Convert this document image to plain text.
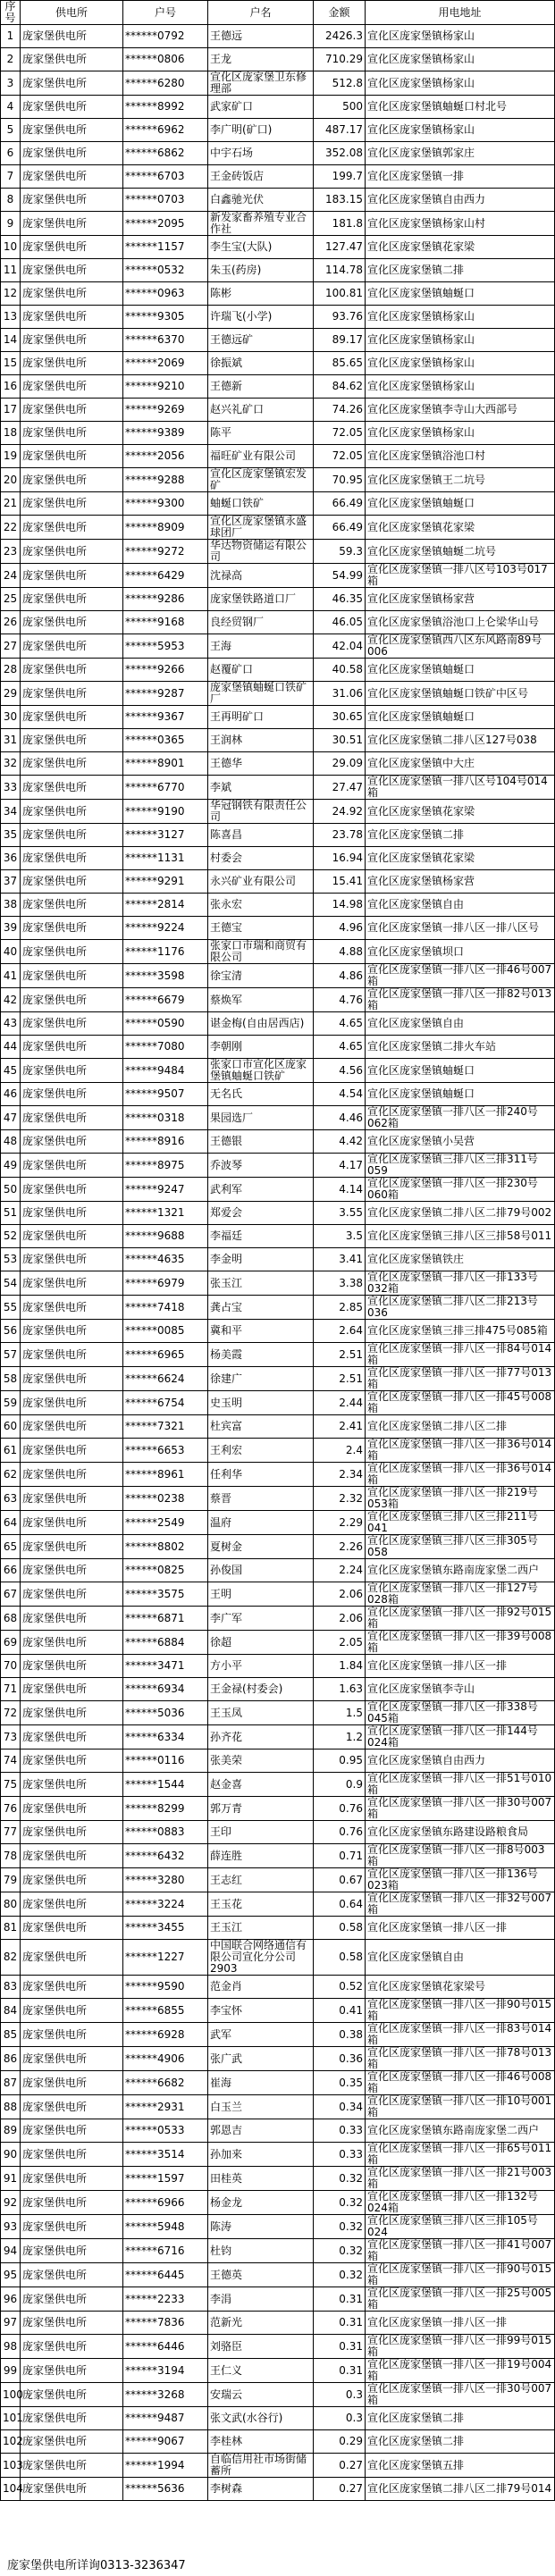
序号	供电所	户号	户名	金额	用电地址
1	庞家堡供电所	******0792	王德远	2426.3	宣化区庞家堡镇杨家山
2	庞家堡供电所	******0806	王龙	710.29	宣化区庞家堡镇杨家山
3	庞家堡供电所	******6280	宣化区庞家堡卫东修理部	512.8	宣化区庞家堡镇杨家山
4	庞家堡供电所	******8992	武家矿口	500	宣化区庞家堡镇蚰蜒口村北号
5	庞家堡供电所	******6962	李广明(矿口)	487.17	宣化区庞家堡镇杨家山
6	庞家堡供电所	******6862	中宇石场	352.08	宣化区庞家堡镇郭家庄
7	庞家堡供电所	******6703	王金砖饭店	199.7	宣化区庞家堡镇一排
8	庞家堡供电所	******0703	白鑫驰光伏	183.15	宣化区庞家堡镇自由西力
9	庞家堡供电所	******2095	新发家畜养殖专业合作社	181.8	宣化区庞家堡镇杨家山村
10	庞家堡供电所	******1157	李生宝(大队)	127.47	宣化区庞家堡镇花家梁
11	庞家堡供电所	******0532	朱玉(药房)	114.78	宣化区庞家堡镇二排
12	庞家堡供电所	******0963	陈彬	100.81	宣化区庞家堡镇蚰蜒口
13	庞家堡供电所	******9305	许瑞飞(小学)	93.76	宣化区庞家堡镇杨家山
14	庞家堡供电所	******6370	王德远矿	89.17	宣化区庞家堡镇杨家山
15	庞家堡供电所	******2069	徐振斌	85.65	宣化区庞家堡镇杨家山
16	庞家堡供电所	******9210	王德新	84.62	宣化区庞家堡镇杨家山
17	庞家堡供电所	******9269	赵兴礼矿口	74.26	宣化区庞家堡镇李寺山大西部号
18	庞家堡供电所	******9389	陈平	72.05	宣化区庞家堡镇杨家山
19	庞家堡供电所	******2056	福旺矿业有限公司	72.05	宣化区庞家堡镇浴池口村
20	庞家堡供电所	******9288	宣化区庞家堡镇宏发矿	70.95	宣化区庞家堡镇王二坑号
21	庞家堡供电所	******9300	蚰蜒口铁矿	66.49	宣化区庞家堡镇蚰蜒口
22	庞家堡供电所	******8909	宣化区庞家堡镇永盛球团厂	66.49	宣化区庞家堡镇花家梁
23	庞家堡供电所	******9272	华达物资储运有限公司	59.3	宣化区庞家堡镇蚰蜒二坑号
24	庞家堡供电所	******6429	沈禄高	54.99	宣化区庞家堡镇一排八区号103号017箱
25	庞家堡供电所	******9286	庞家堡铁路道口厂	46.35	宣化区庞家堡镇杨家营
26	庞家堡供电所	******9168	良经贸钢厂	46.05	宣化区庞家堡镇浴池口上仑梁华山号
27	庞家堡供电所	******5953	王海	42.04	宣化区庞家堡镇西八区东风路南89号006
28	庞家堡供电所	******9266	赵覆矿口	40.58	宣化区庞家堡镇蚰蜒口
29	庞家堡供电所	******9287	庞家堡镇蚰蜒口铁矿厂	31.06	宣化区庞家堡镇蚰蜒口铁矿中区号
30	庞家堡供电所	******9367	王再明矿口	30.65	宣化区庞家堡镇蚰蜒口
31	庞家堡供电所	******0365	王润林	30.51	宣化区庞家堡镇二排八区127号038
32	庞家堡供电所	******8901	王德华	29.09	宣化区庞家堡镇中大庄
33	庞家堡供电所	******6770	李斌	27.47	宣化区庞家堡镇一排八区号104号014箱
34	庞家堡供电所	******9190	华冠钢铁有限责任公司	24.92	宣化区庞家堡镇花家梁
35	庞家堡供电所	******3127	陈喜昌	23.78	宣化区庞家堡镇二排
36	庞家堡供电所	******1131	村委会	16.94	宣化区庞家堡镇花家梁
37	庞家堡供电所	******9291	永兴矿业有限公司	15.41	宣化区庞家堡镇杨家营
38	庞家堡供电所	******2814	张永宏	14.98	宣化区庞家堡镇自由
39	庞家堡供电所	******9224	王德宝	4.96	宣化区庞家堡镇一排八区一排八区号
40	庞家堡供电所	******1176	张家口市瑞和商贸有限公司	4.88	宣化区庞家堡镇坝口
41	庞家堡供电所	******3598	徐宝清	4.86	宣化区庞家堡镇一排八区一排46号007箱
42	庞家堡供电所	******6679	蔡焕军	4.76	宣化区庞家堡镇一排八区一排82号013箱
43	庞家堡供电所	******0590	谌金梅(自由居西店)	4.65	宣化区庞家堡镇自由
44	庞家堡供电所	******7080	李朝刚	4.65	宣化区庞家堡镇二排火车站
45	庞家堡供电所	******9484	张家口市宣化区庞家堡镇蚰蜒口铁矿	4.56	宣化区庞家堡镇蚰蜒口
46	庞家堡供电所	******9507	无名氏	4.54	宣化区庞家堡镇蚰蜒口
47	庞家堡供电所	******0318	果园选厂	4.46	宣化区庞家堡镇一排八区一排240号062箱
48	庞家堡供电所	******8916	王德银	4.42	宣化区庞家堡镇小吴营
49	庞家堡供电所	******8975	乔波琴	4.17	宣化区庞家堡镇三排八区三排311号059
50	庞家堡供电所	******9247	武利军	4.14	宣化区庞家堡镇一排八区一排230号060箱
51	庞家堡供电所	******1321	郑爱会	3.55	宣化区庞家堡镇二排八区二排79号002
52	庞家堡供电所	******9688	李福廷	3.5	宣化区庞家堡镇三排八区三排58号011
53	庞家堡供电所	******4635	李金明	3.41	宣化区庞家堡镇铁庄
54	庞家堡供电所	******6979	张玉江	3.38	宣化区庞家堡镇一排八区一排133号032箱
55	庞家堡供电所	******7418	龚占宝	2.85	宣化区庞家堡镇二排八区二排213号036
56	庞家堡供电所	******0085	冀和平	2.64	宣化区庞家堡镇三排三排475号085箱
57	庞家堡供电所	******6965	杨美霞	2.51	宣化区庞家堡镇一排八区一排84号014箱
58	庞家堡供电所	******6624	徐建广	2.51	宣化区庞家堡镇一排八区一排77号013箱
59	庞家堡供电所	******6754	史玉明	2.44	宣化区庞家堡镇一排八区一排45号008箱
60	庞家堡供电所	******7321	杜宾富	2.41	宣化区庞家堡镇二排八区二排
61	庞家堡供电所	******6653	王利宏	2.4	宣化区庞家堡镇一排八区一排36号014箱
62	庞家堡供电所	******8961	任利华	2.34	宣化区庞家堡镇一排八区一排36号014箱
63	庞家堡供电所	******0238	蔡晋	2.32	宣化区庞家堡镇一排八区一排219号053箱
64	庞家堡供电所	******2549	温府	2.29	宣化区庞家堡镇三排八区三排211号041
65	庞家堡供电所	******8802	夏树金	2.26	宣化区庞家堡镇三排八区三排305号058
66	庞家堡供电所	******0825	孙俊国	2.24	宣化区庞家堡镇东路南庞家堡二西户
67	庞家堡供电所	******3575	王明	2.06	宣化区庞家堡镇一排八区一排127号028箱
68	庞家堡供电所	******6871	李广军	2.06	宣化区庞家堡镇一排八区一排92号015箱
69	庞家堡供电所	******6884	徐超	2.05	宣化区庞家堡镇一排八区一排39号008箱
70	庞家堡供电所	******3471	方小平	1.84	宣化区庞家堡镇一排八区一排
71	庞家堡供电所	******6934	王金禄(村委会)	1.63	宣化区庞家堡镇李寺山
72	庞家堡供电所	******5036	王玉凤	1.5	宣化区庞家堡镇一排八区一排338号045箱
73	庞家堡供电所	******6334	孙齐花	1.2	宣化区庞家堡镇一排八区一排144号024箱
74	庞家堡供电所	******0116	张美荣	0.95	宣化区庞家堡镇自由西力
75	庞家堡供电所	******1544	赵金喜	0.9	宣化区庞家堡镇一排八区一排51号010箱
76	庞家堡供电所	******8299	郭万青	0.76	宣化区庞家堡镇一排八区一排30号007箱
77	庞家堡供电所	******0883	王印	0.76	宣化区庞家堡镇东路建设路粮食局
78	庞家堡供电所	******6432	薛连胜	0.71	宣化区庞家堡镇一排八区一排8号003箱
79	庞家堡供电所	******3280	王志红	0.67	宣化区庞家堡镇一排八区一排136号023箱
80	庞家堡供电所	******3224	王玉花	0.64	宣化区庞家堡镇一排八区一排32号007箱
81	庞家堡供电所	******3455	王玉江	0.58	宣化区庞家堡镇一排八区一排
82	庞家堡供电所	******1227	中国联合网络通信有限公司宣化分公司2903	0.58	宣化区庞家堡镇自由
83	庞家堡供电所	******9590	范金肖	0.52	宣化区庞家堡镇花家梁号
84	庞家堡供电所	******6855	李宝怀	0.41	宣化区庞家堡镇一排八区一排90号015箱
85	庞家堡供电所	******6928	武军	0.38	宣化区庞家堡镇一排八区一排83号014箱
86	庞家堡供电所	******4906	张广武	0.36	宣化区庞家堡镇一排八区一排78号013箱
87	庞家堡供电所	******6682	崔海	0.35	宣化区庞家堡镇一排八区一排46号008箱
88	庞家堡供电所	******2931	白玉兰	0.34	宣化区庞家堡镇一排八区一排10号001箱
89	庞家堡供电所	******0533	郭恩吉	0.33	宣化区庞家堡镇东路南庞家堡二西户
90	庞家堡供电所	******3514	孙加来	0.33	宣化区庞家堡镇一排八区一排65号011箱
91	庞家堡供电所	******1597	田桂英	0.32	宣化区庞家堡镇一排八区一排21号003箱
92	庞家堡供电所	******6966	杨金龙	0.32	宣化区庞家堡镇一排八区一排132号024箱
93	庞家堡供电所	******5948	陈涛	0.32	宣化区庞家堡镇三排八区三排105号024
94	庞家堡供电所	******6716	杜钧	0.32	宣化区庞家堡镇一排八区一排41号007箱
95	庞家堡供电所	******6445	王德英	0.32	宣化区庞家堡镇一排八区一排90号015箱
96	庞家堡供电所	******2233	李涓	0.31	宣化区庞家堡镇一排八区一排25号005箱
97	庞家堡供电所	******7836	范新光	0.31	宣化区庞家堡镇一排八区一排
98	庞家堡供电所	******6446	刘骆臣	0.31	宣化区庞家堡镇一排八区一排99号015箱
99	庞家堡供电所	******3194	王仁义	0.31	宣化区庞家堡镇一排八区一排19号004箱
100	庞家堡供电所	******3268	安瑞云	0.3	宣化区庞家堡镇一排八区一排30号007箱
101	庞家堡供电所	******9487	张文武(水谷行)	0.3	宣化区庞家堡镇二排
102	庞家堡供电所	******9067	李桂林	0.29	宣化区庞家堡镇二排
103	庞家堡供电所	******1994	自临信用社市场街储蓄所	0.27	宣化区庞家堡镇五排
104	庞家堡供电所	******5636	李树森	0.27	宣化区庞家堡镇二排八区二排79号014
庞家堡供电所详询0313-3236347
